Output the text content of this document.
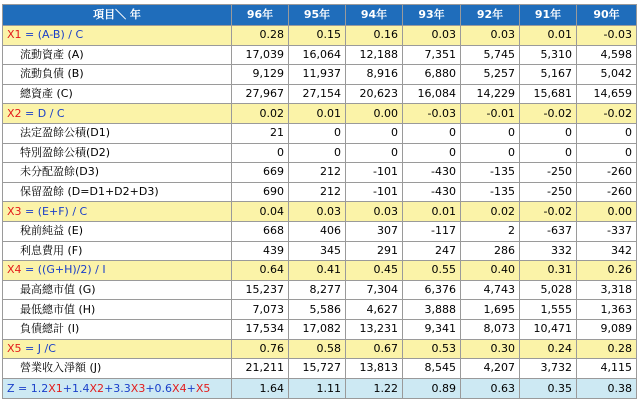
項目＼ 年	96年	95年	94年	93年	92年	91年	90年
X1 = (A-B) / C	0.28	0.15	0.16	0.03	0.03	0.01	-0.03
流動資產 (A)	17,039	16,064	12,188	7,351	5,745	5,310	4,598
流動負債 (B)	9,129	11,937	8,916	6,880	5,257	5,167	5,042
總資產 (C)	27,967	27,154	20,623	16,084	14,229	15,681	14,659
X2 = D / C	0.02	0.01	0.00	-0.03	-0.01	-0.02	-0.02
法定盈餘公積(D1)	21	0	0	0	0	0	0
特別盈餘公積(D2)	0	0	0	0	0	0	0
未分配盈餘(D3)	669	212	-101	-430	-135	-250	-260
保留盈餘 (D=D1+D2+D3)	690	212	-101	-430	-135	-250	-260
X3 = (E+F) / C	0.04	0.03	0.03	0.01	0.02	-0.02	0.00
稅前純益 (E)	668	406	307	-117	2	-637	-337
利息費用 (F)	439	345	291	247	286	332	342
X4 = ((G+H)/2) / I	0.64	0.41	0.45	0.55	0.40	0.31	0.26
最高總市值 (G)	15,237	8,277	7,304	6,376	4,743	5,028	3,318
最低總市值 (H)	7,073	5,586	4,627	3,888	1,695	1,555	1,363
負債總計 (I)	17,534	17,082	13,231	9,341	8,073	10,471	9,089
X5 = J /C	0.76	0.58	0.67	0.53	0.30	0.24	0.28
營業收入淨額 (J)	21,211	15,727	13,813	8,545	4,207	3,732	4,115
Z = 1.2X1+1.4X2+3.3X3+0.6X4+X5	1.64	1.11	1.22	0.89	0.63	0.35	0.38
